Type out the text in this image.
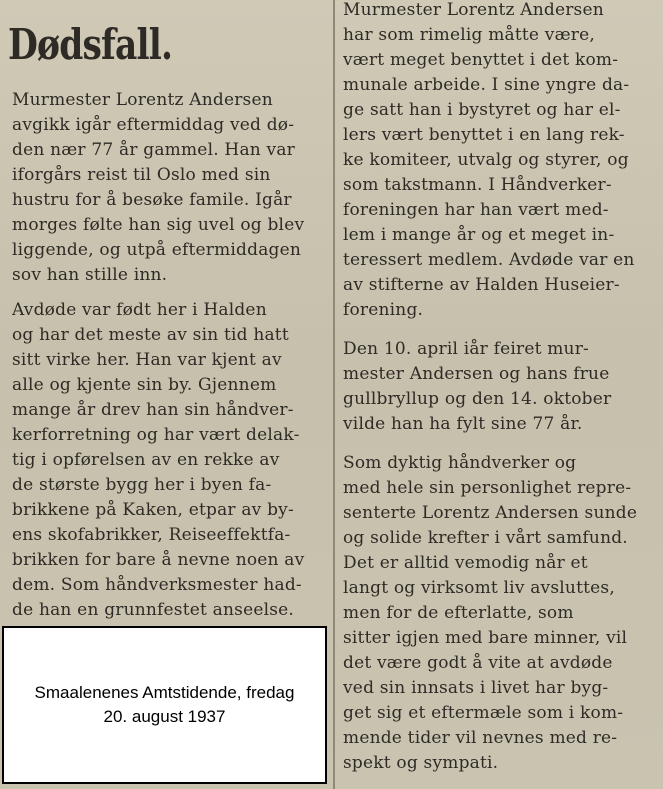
Dødsfall.
Murmester Lorentz Andersen
avgikk igår eftermiddag ved dø-
den nær 77 år gammel. Han var
iforgårs reist til Oslo med sin
hustru for å besøke famile. Igår
morges følte han sig uvel og blev
liggende, og utpå eftermiddagen
sov han stille inn.
Avdøde var født her i Halden
og har det meste av sin tid hatt
sitt virke her. Han var kjent av
alle og kjente sin by. Gjennem
mange år drev han sin håndver-
kerforretning og har vært delak-
tig i opførelsen av en rekke av
de største bygg her i byen fa-
brikkene på Kaken, etpar av by-
ens skofabrikker, Reiseeffektfa-
brikken for bare å nevne noen av
dem. Som håndverksmester had-
de han en grunnfestet anseelse.
Murmester Lorentz Andersen
har som rimelig måtte være,
vært meget benyttet i det kom-
munale arbeide. I sine yngre da-
ge satt han i bystyret og har el-
lers vært benyttet i en lang rek-
ke komiteer, utvalg og styrer, og
som takstmann. I Håndverker-
foreningen har han vært med-
lem i mange år og et meget in-
teressert medlem. Avdøde var en
av stifterne av Halden Huseier-
forening.
Den 10. april iår feiret mur-
mester Andersen og hans frue
gullbryllup og den 14. oktober
vilde han ha fylt sine 77 år.
Som dyktig håndverker og
med hele sin personlighet repre-
senterte Lorentz Andersen sunde
og solide krefter i vårt samfund.
Det er alltid vemodig når et
langt og virksomt liv avsluttes,
men for de efterlatte, som
sitter igjen med bare minner, vil
det være godt å vite at avdøde
ved sin innsats i livet har byg-
get sig et eftermæle som i kom-
mende tider vil nevnes med re-
spekt og sympati.
Smaalenenes Amtstidende, fredag
20. august 1937
